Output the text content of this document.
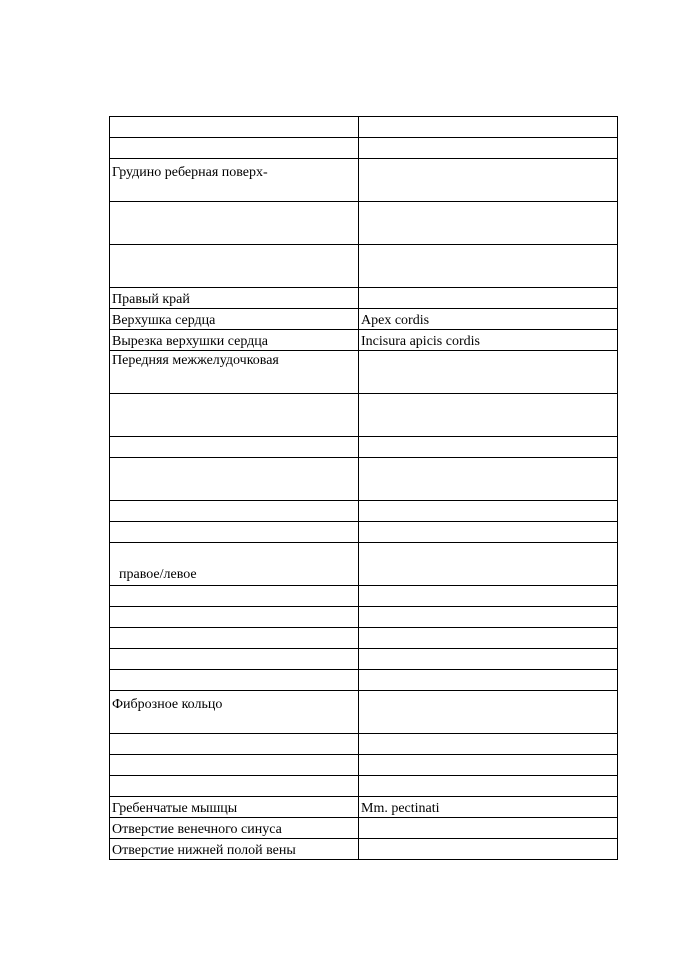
Грудино реберная поверх-	

Правый край	
Верхушка сердца	Apex cordis
Вырезка верхушки сердца	Incisura apicis cordis
Передняя межжелудочковая	

правое/левое	

Фиброзное кольцо	

Гребенчатые мышцы	Mm. pectinati
Отверстие венечного синуса	
Отверстие нижней полой вены	
